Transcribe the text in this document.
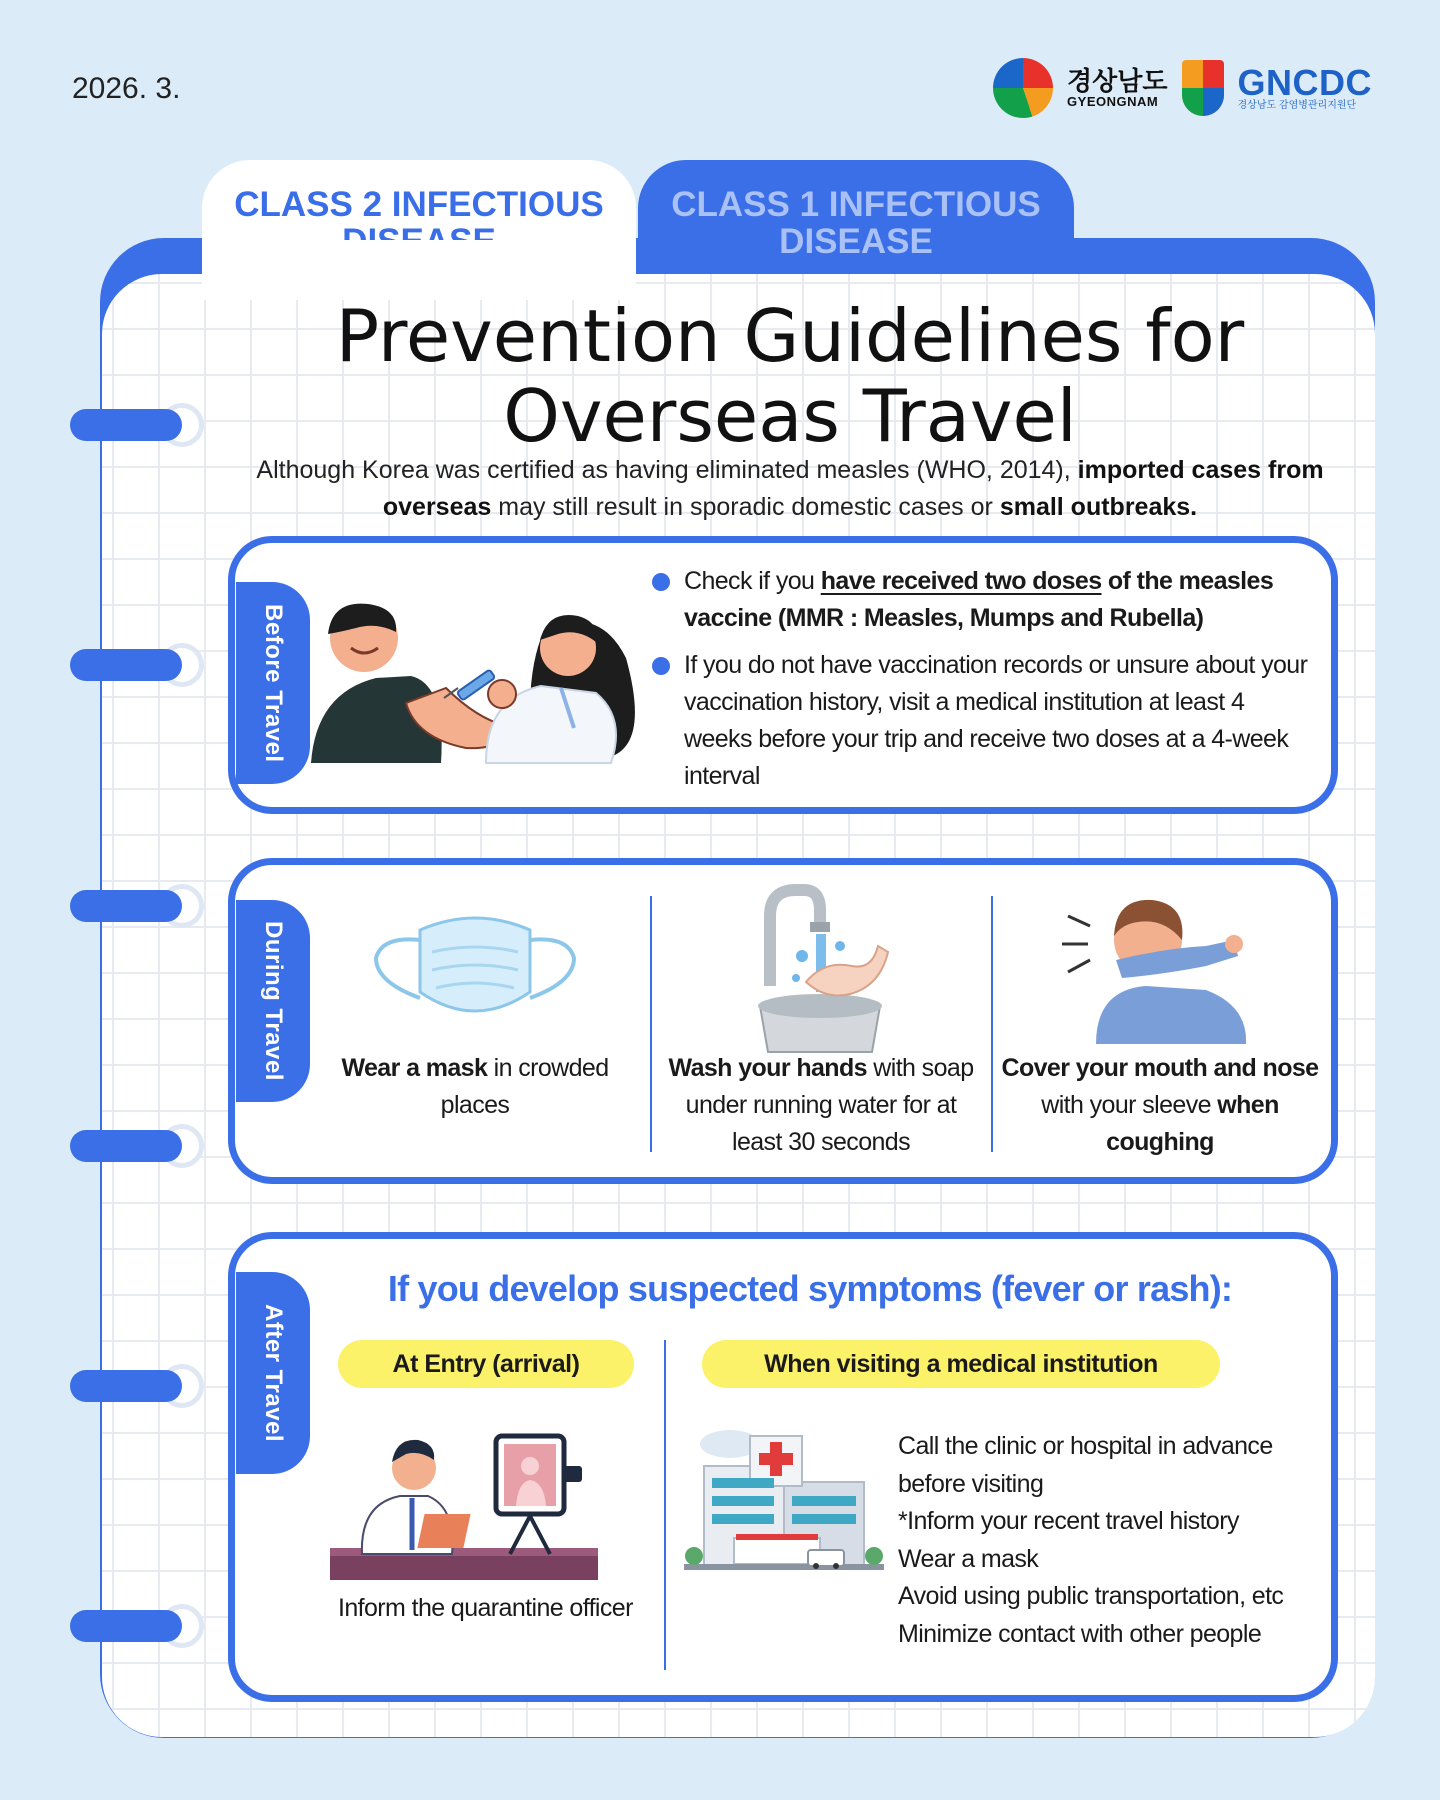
2026. 3.	경상남도
GYEONGNAM GNCDC
경상남도 감염병관리지원단
CLASS 1 INFECTIOUS DISEASE
CLASS 2 INFECTIOUS
Prevention Guidelines for
Overseas Travel
Although Korea was certified as having eliminated measles (WHO, 2014), imported cases from overseas may still result in sporadic domestic cases or small outbreaks.
Before Travel
Check if you have received two doses of the measles vaccine (MMR : Measles, Mumps and Rubella)
If you do not have vaccination records or unsure about your vaccination history, visit a medical institution at least 4 weeks before your trip and receive two doses at a 4-week interval
During Travel	Wear a mask in crowded places
Wash your hands with soap under running water for at least 30 seconds
Cover your mouth and nose with your sleeve when coughing
After Travel
If you develop suspected symptoms (fever or rash):
At Entry (arrival)	When visiting a medical institution
Inform the quarantine officer
Call the clinic or hospital in advance
before visiting
*Inform your recent travel history
Wear a mask
Avoid using public transportation, etc
Minimize contact with other people
